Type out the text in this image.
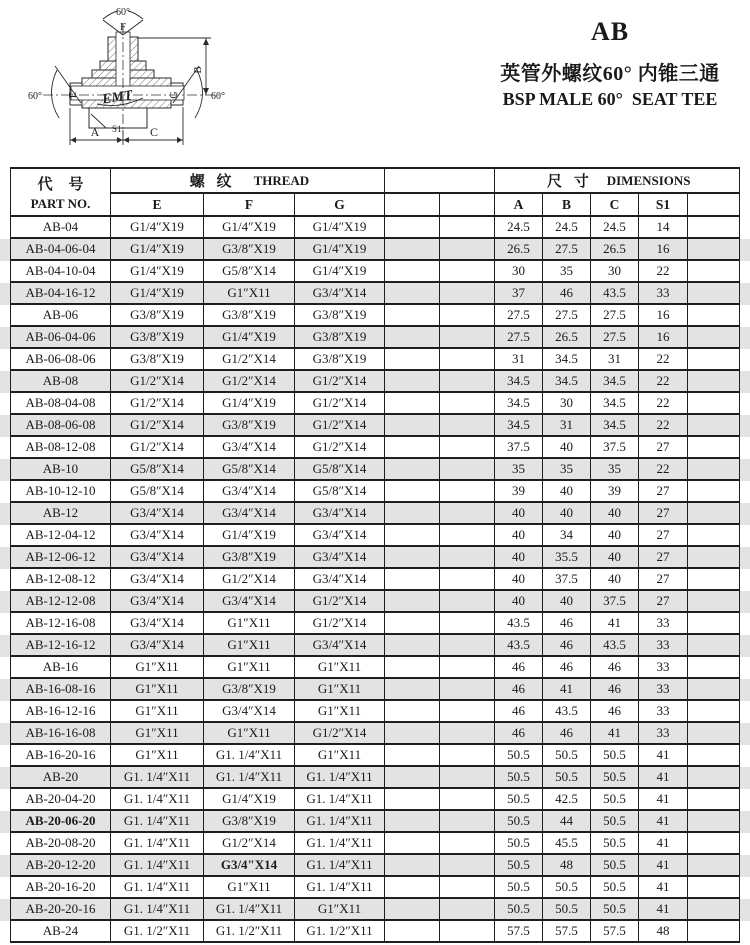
60°
F
B
E	G
60°	60°
A S1 C
EMT
AB
英管外螺纹60° 内锥三通
BSP MALE 60°  SEAT TEE
代 号
PART NO.
螺 纹 THREAD	尺 寸 DIMENSIONS
E	F	G	A	B	C	S1
AB-04	G1/4″X19	G1/4″X19	G1/4″X19	24.5	24.5	24.5	14
AB-04-06-04	G1/4″X19	G3/8″X19	G1/4″X19	26.5	27.5	26.5	16
AB-04-10-04	G1/4″X19	G5/8″X14	G1/4″X19	30	35	30	22
AB-04-16-12	G1/4″X19	G1″X11	G3/4″X14	37	46	43.5	33
AB-06	G3/8″X19	G3/8″X19	G3/8″X19	27.5	27.5	27.5	16
AB-06-04-06	G3/8″X19	G1/4″X19	G3/8″X19	27.5	26.5	27.5	16
AB-06-08-06	G3/8″X19	G1/2″X14	G3/8″X19	31	34.5	31	22
AB-08	G1/2″X14	G1/2″X14	G1/2″X14	34.5	34.5	34.5	22
AB-08-04-08	G1/2″X14	G1/4″X19	G1/2″X14	34.5	30	34.5	22
AB-08-06-08	G1/2″X14	G3/8″X19	G1/2″X14	34.5	31	34.5	22
AB-08-12-08	G1/2″X14	G3/4″X14	G1/2″X14	37.5	40	37.5	27
AB-10	G5/8″X14	G5/8″X14	G5/8″X14	35	35	35	22
AB-10-12-10	G5/8″X14	G3/4″X14	G5/8″X14	39	40	39	27
AB-12	G3/4″X14	G3/4″X14	G3/4″X14	40	40	40	27
AB-12-04-12	G3/4″X14	G1/4″X19	G3/4″X14	40	34	40	27
AB-12-06-12	G3/4″X14	G3/8″X19	G3/4″X14	40	35.5	40	27
AB-12-08-12	G3/4″X14	G1/2″X14	G3/4″X14	40	37.5	40	27
AB-12-12-08	G3/4″X14	G3/4″X14	G1/2″X14	40	40	37.5	27
AB-12-16-08	G3/4″X14	G1″X11	G1/2″X14	43.5	46	41	33
AB-12-16-12	G3/4″X14	G1″X11	G3/4″X14	43.5	46	43.5	33
AB-16	G1″X11	G1″X11	G1″X11	46	46	46	33
AB-16-08-16	G1″X11	G3/8″X19	G1″X11	46	41	46	33
AB-16-12-16	G1″X11	G3/4″X14	G1″X11	46	43.5	46	33
AB-16-16-08	G1″X11	G1″X11	G1/2″X14	46	46	41	33
AB-16-20-16	G1″X11	G1. 1/4″X11	G1″X11	50.5	50.5	50.5	41
AB-20	G1. 1/4″X11	G1. 1/4″X11	G1. 1/4″X11	50.5	50.5	50.5	41
AB-20-04-20	G1. 1/4″X11	G1/4″X19	G1. 1/4″X11	50.5	42.5	50.5	41
AB-20-06-20	G1. 1/4″X11	G3/8″X19	G1. 1/4″X11	50.5	44	50.5	41
AB-20-08-20	G1. 1/4″X11	G1/2″X14	G1. 1/4″X11	50.5	45.5	50.5	41
AB-20-12-20	G1. 1/4″X11	G3/4"X14	G1. 1/4″X11	50.5	48	50.5	41
AB-20-16-20	G1. 1/4″X11	G1″X11	G1. 1/4″X11	50.5	50.5	50.5	41
AB-20-20-16	G1. 1/4″X11	G1. 1/4″X11	G1″X11	50.5	50.5	50.5	41
AB-24	G1. 1/2″X11	G1. 1/2″X11	G1. 1/2″X11	57.5	57.5	57.5	48
